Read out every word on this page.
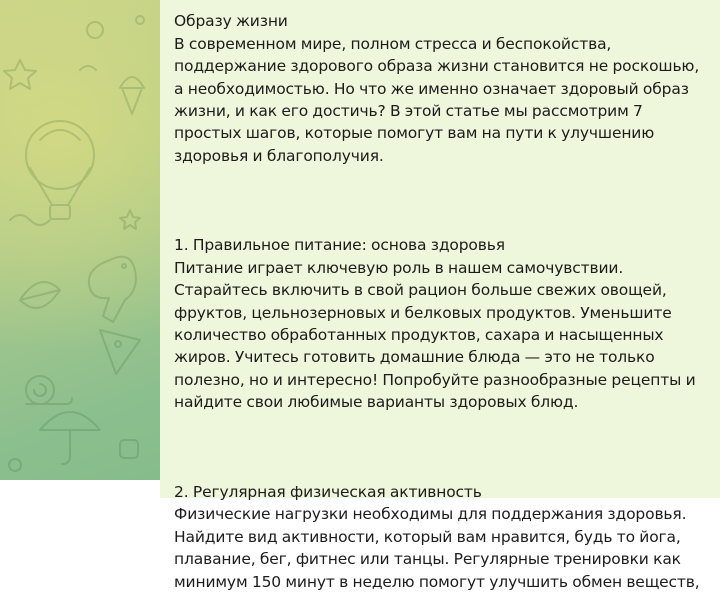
Образу жизни
В современном мире, полном стресса и беспокойства,
поддержание здорового образа жизни становится не роскошью,
а необходимостью. Но что же именно означает здоровый образ
жизни, и как его достичь? В этой статье мы рассмотрим 7
простых шагов, которые помогут вам на пути к улучшению
здоровья и благополучия.

1. Правильное питание: основа здоровья
Питание играет ключевую роль в нашем самочувствии.
Старайтесь включить в свой рацион больше свежих овощей,
фруктов, цельнозерновых и белковых продуктов. Уменьшите
количество обработанных продуктов, сахара и насыщенных
жиров. Учитесь готовить домашние блюда — это не только
полезно, но и интересно! Попробуйте разнообразные рецепты и
найдите свои любимые варианты здоровых блюд.

2. Регулярная физическая активность
Физические нагрузки необходимы для поддержания здоровья.
Найдите вид активности, который вам нравится, будь то йога,
плавание, бег, фитнес или танцы. Регулярные тренировки как
минимум 150 минут в неделю помогут улучшить обмен веществ,
